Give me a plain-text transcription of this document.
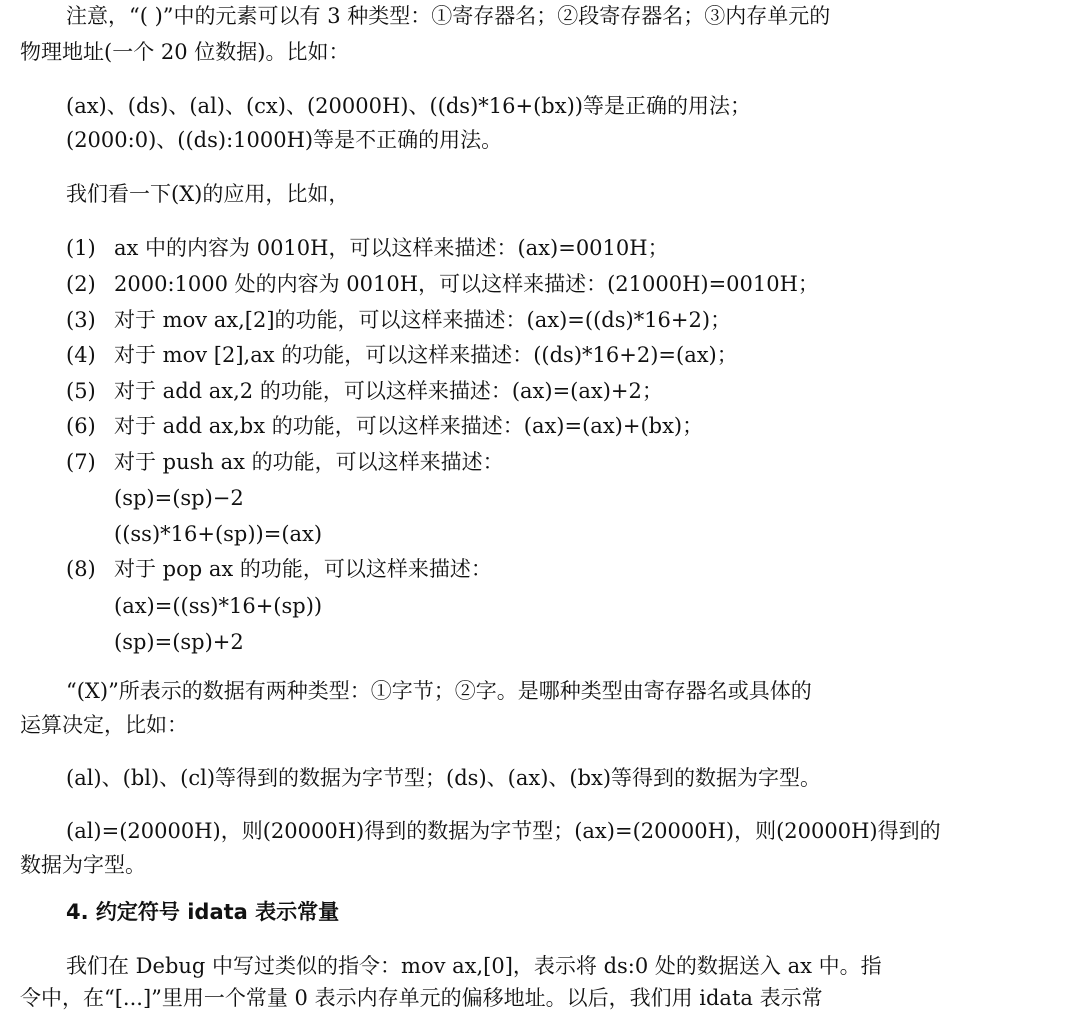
注意，“( )”中的元素可以有 3 种类型：①寄存器名；②段寄存器名；③内存单元的
物理地址(一个 20 位数据)。比如：
(ax)、(ds)、(al)、(cx)、(20000H)、((ds)*16+(bx))等是正确的用法；
(2000:0)、((ds):1000H)等是不正确的用法。
我们看一下(X)的应用，比如，
(1) ax 中的内容为 0010H，可以这样来描述：(ax)=0010H；
(2) 2000:1000 处的内容为 0010H，可以这样来描述：(21000H)=0010H；
(3) 对于 mov ax,[2]的功能，可以这样来描述：(ax)=((ds)*16+2)；
(4) 对于 mov [2],ax 的功能，可以这样来描述：((ds)*16+2)=(ax)；
(5) 对于 add ax,2 的功能，可以这样来描述：(ax)=(ax)+2；
(6) 对于 add ax,bx 的功能，可以这样来描述：(ax)=(ax)+(bx)；
(7) 对于 push ax 的功能，可以这样来描述：
(sp)=(sp)−2
((ss)*16+(sp))=(ax)
(8) 对于 pop ax 的功能，可以这样来描述：
(ax)=((ss)*16+(sp))
(sp)=(sp)+2
“(X)”所表示的数据有两种类型：①字节；②字。是哪种类型由寄存器名或具体的
运算决定，比如：
(al)、(bl)、(cl)等得到的数据为字节型；(ds)、(ax)、(bx)等得到的数据为字型。
(al)=(20000H)，则(20000H)得到的数据为字节型；(ax)=(20000H)，则(20000H)得到的
数据为字型。
4. 约定符号 idata 表示常量
我们在 Debug 中写过类似的指令：mov ax,[0]，表示将 ds:0 处的数据送入 ax 中。指
令中，在“[...]”里用一个常量 0 表示内存单元的偏移地址。以后，我们用 idata 表示常
